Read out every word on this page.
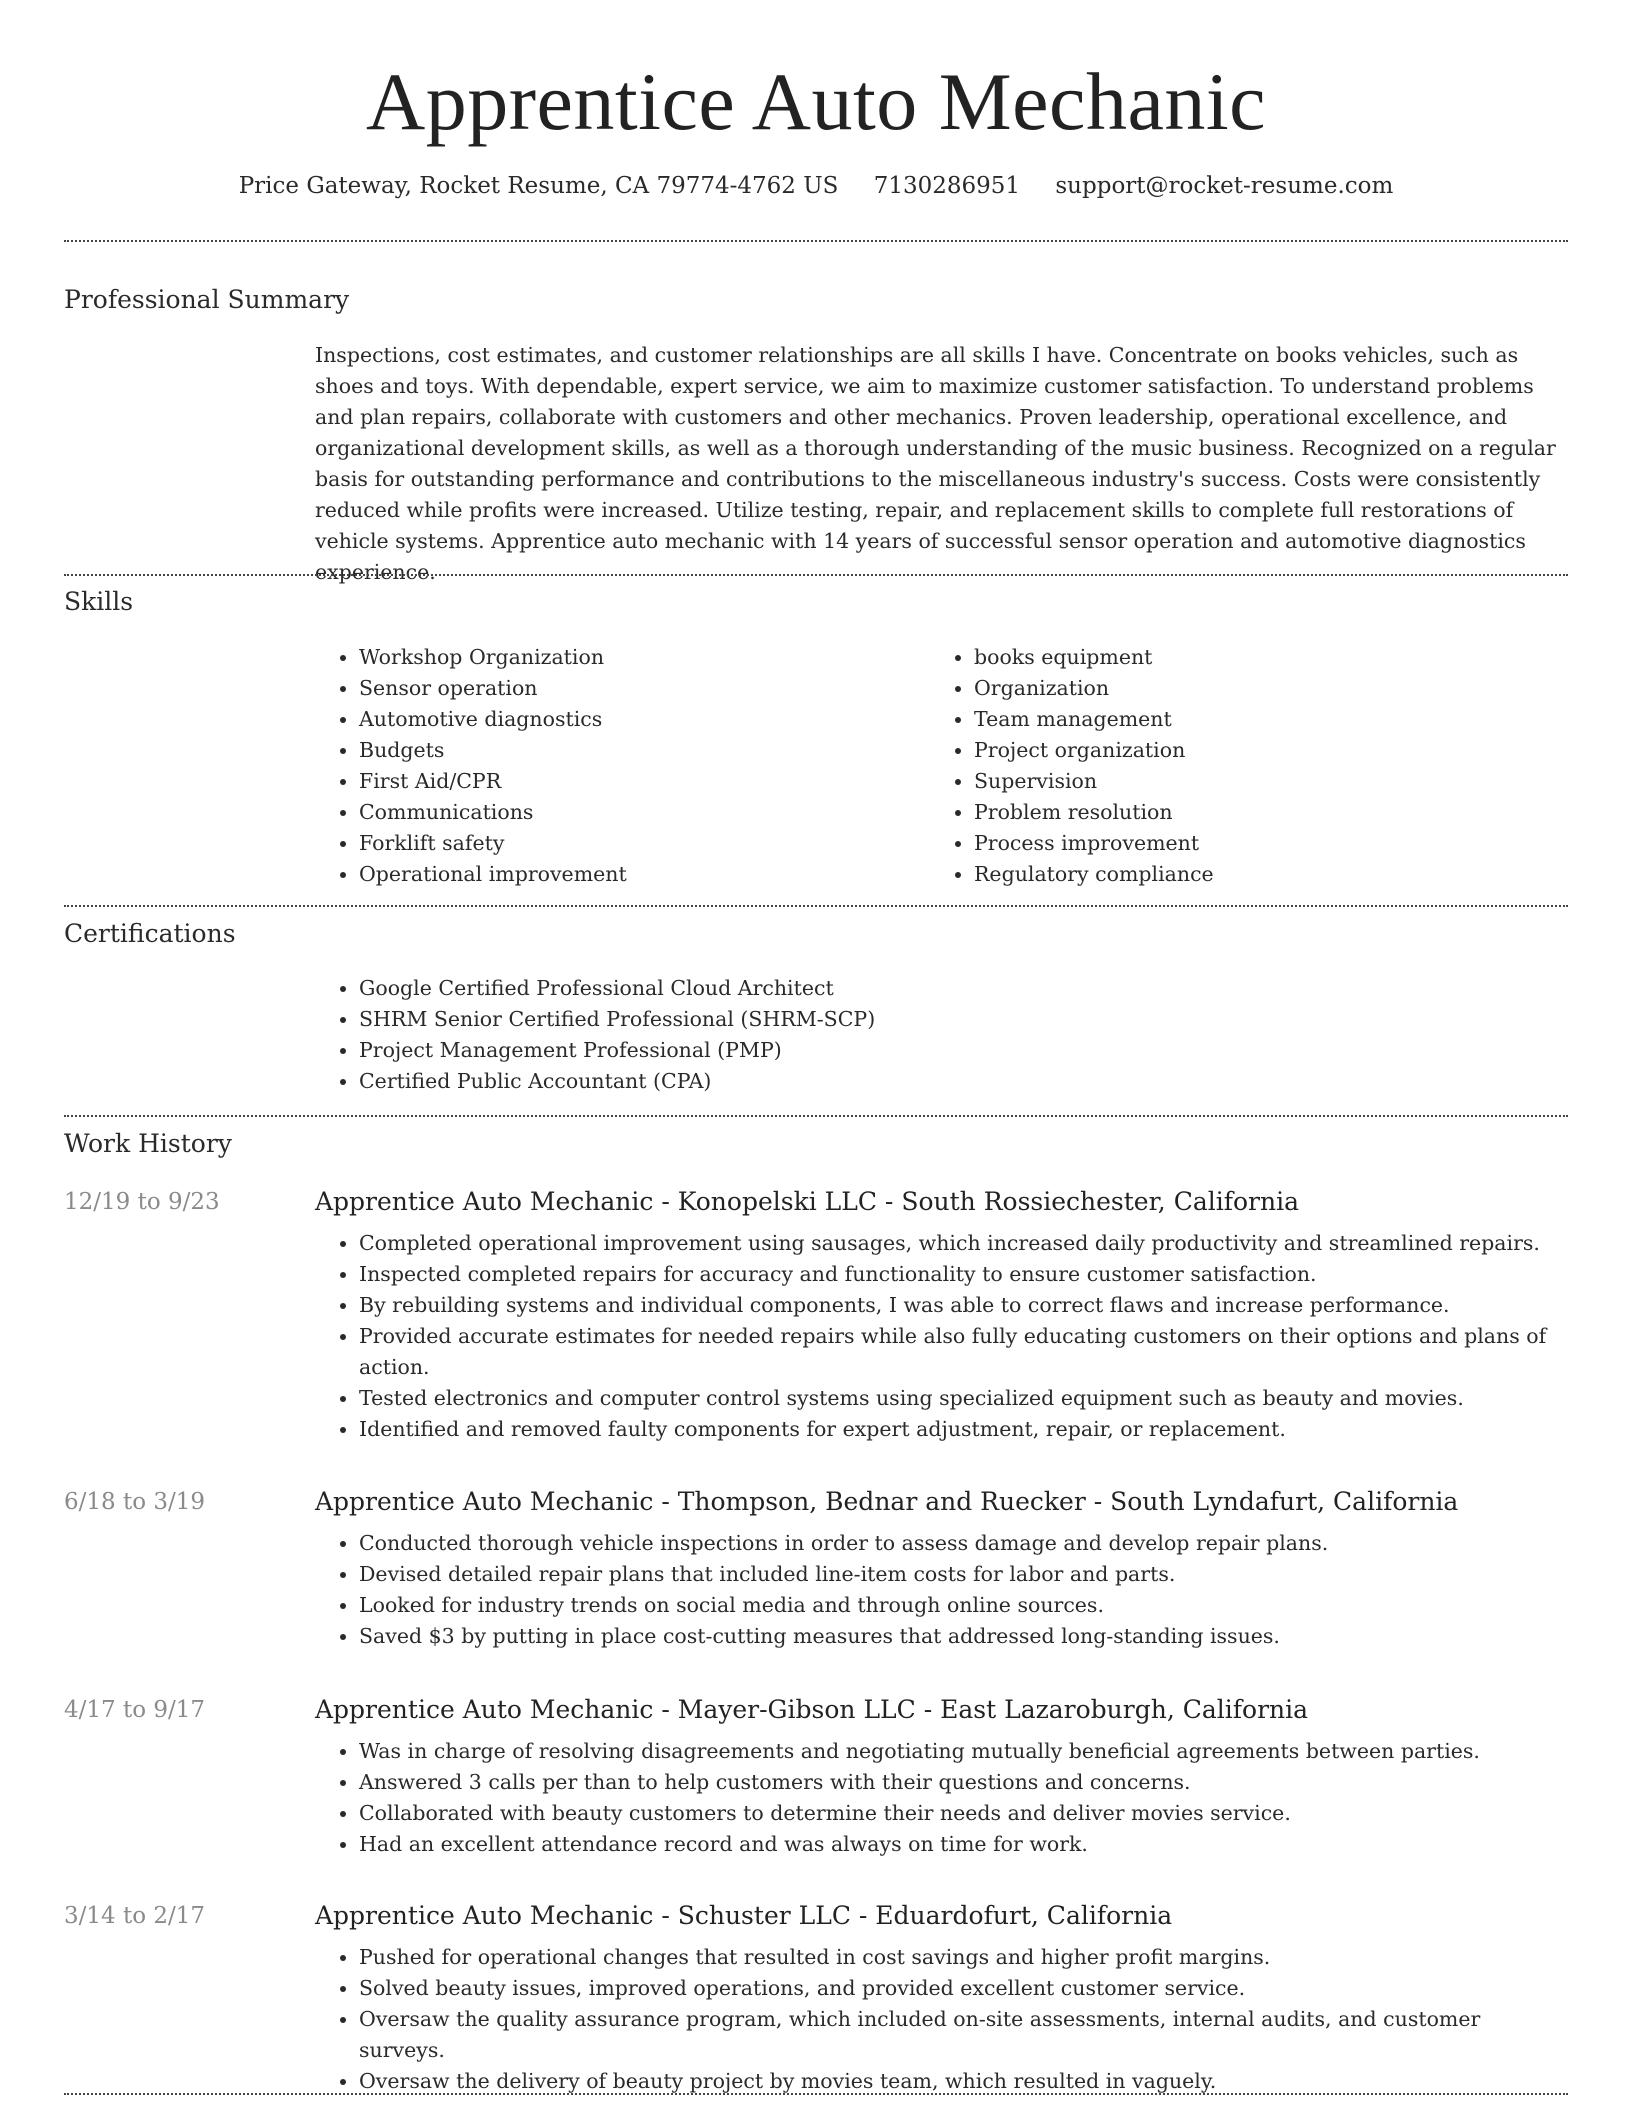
Apprentice Auto Mechanic
Price Gateway, Rocket Resume, CA 79774-4762 US 7130286951 support@rocket-resume.com
Professional Summary

Inspections, cost estimates, and customer relationships are all skills I have. Concentrate on books vehicles, such as shoes and toys. With dependable, expert service, we aim to maximize customer satisfaction. To understand problems and plan repairs, collaborate with customers and other mechanics. Proven leadership, operational excellence, and organizational development skills, as well as a thorough understanding of the music business. Recognized on a regular basis for outstanding performance and contributions to the miscellaneous industry's success. Costs were consistently reduced while profits were increased. Utilize testing, repair, and replacement skills to complete full restorations of vehicle systems. Apprentice auto mechanic with 14 years of successful sensor operation and automotive diagnostics experience.

Skills
• Workshop Organization
• Sensor operation
• Automotive diagnostics
• Budgets
• First Aid/CPR
• Communications
• Forklift safety
• Operational improvement
• books equipment
• Organization
• Team management
• Project organization
• Supervision
• Problem resolution
• Process improvement
• Regulatory compliance
Certifications
• Google Certified Professional Cloud Architect
• SHRM Senior Certified Professional (SHRM-SCP)
• Project Management Professional (PMP)
• Certified Public Accountant (CPA)
Work History
12/19 to 9/23	Apprentice Auto Mechanic - Konopelski LLC - South Rossiechester, California
• Completed operational improvement using sausages, which increased daily productivity and streamlined repairs.
• Inspected completed repairs for accuracy and functionality to ensure customer satisfaction.
• By rebuilding systems and individual components, I was able to correct flaws and increase performance.
• Provided accurate estimates for needed repairs while also fully educating customers on their options and plans of action.
• Tested electronics and computer control systems using specialized equipment such as beauty and movies.
• Identified and removed faulty components for expert adjustment, repair, or replacement.
6/18 to 3/19	Apprentice Auto Mechanic - Thompson, Bednar and Ruecker - South Lyndafurt, California
• Conducted thorough vehicle inspections in order to assess damage and develop repair plans.
• Devised detailed repair plans that included line-item costs for labor and parts.
• Looked for industry trends on social media and through online sources.
• Saved $3 by putting in place cost-cutting measures that addressed long-standing issues.
4/17 to 9/17	Apprentice Auto Mechanic - Mayer-Gibson LLC - East Lazaroburgh, California
• Was in charge of resolving disagreements and negotiating mutually beneficial agreements between parties.
• Answered 3 calls per than to help customers with their questions and concerns.
• Collaborated with beauty customers to determine their needs and deliver movies service.
• Had an excellent attendance record and was always on time for work.
3/14 to 2/17	Apprentice Auto Mechanic - Schuster LLC - Eduardofurt, California
• Pushed for operational changes that resulted in cost savings and higher profit margins.
• Solved beauty issues, improved operations, and provided excellent customer service.
• Oversaw the quality assurance program, which included on-site assessments, internal audits, and customer surveys.
• Oversaw the delivery of beauty project by movies team, which resulted in vaguely.
